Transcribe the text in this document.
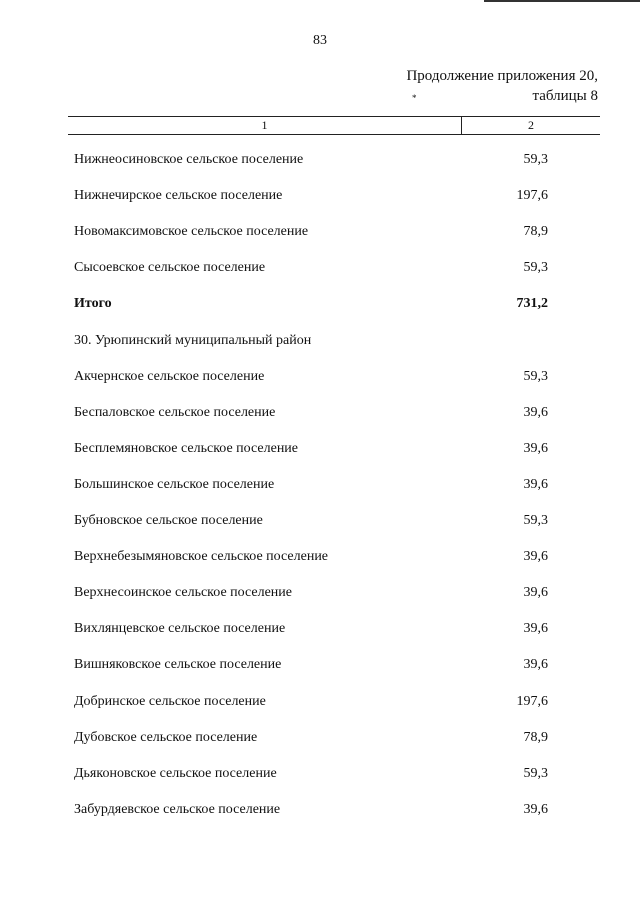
83
Продолжение приложения 20,
таблицы 8
*
1	2
Нижнеосиновское сельское поселение	59,3
Нижнечирское сельское поселение	197,6
Новомаксимовское сельское поселение	78,9
Сысоевское сельское поселение	59,3
Итого	731,2
30. Урюпинский муниципальный район
Акчернское сельское поселение	59,3
Беспаловское сельское поселение	39,6
Бесплемяновское сельское поселение	39,6
Большинское сельское поселение	39,6
Бубновское сельское поселение	59,3
Верхнебезымяновское сельское поселение	39,6
Верхнесоинское сельское поселение	39,6
Вихлянцевское сельское поселение	39,6
Вишняковское сельское поселение	39,6
Добринское сельское поселение	197,6
Дубовское сельское поселение	78,9
Дьяконовское сельское поселение	59,3
Забурдяевское сельское поселение	39,6
